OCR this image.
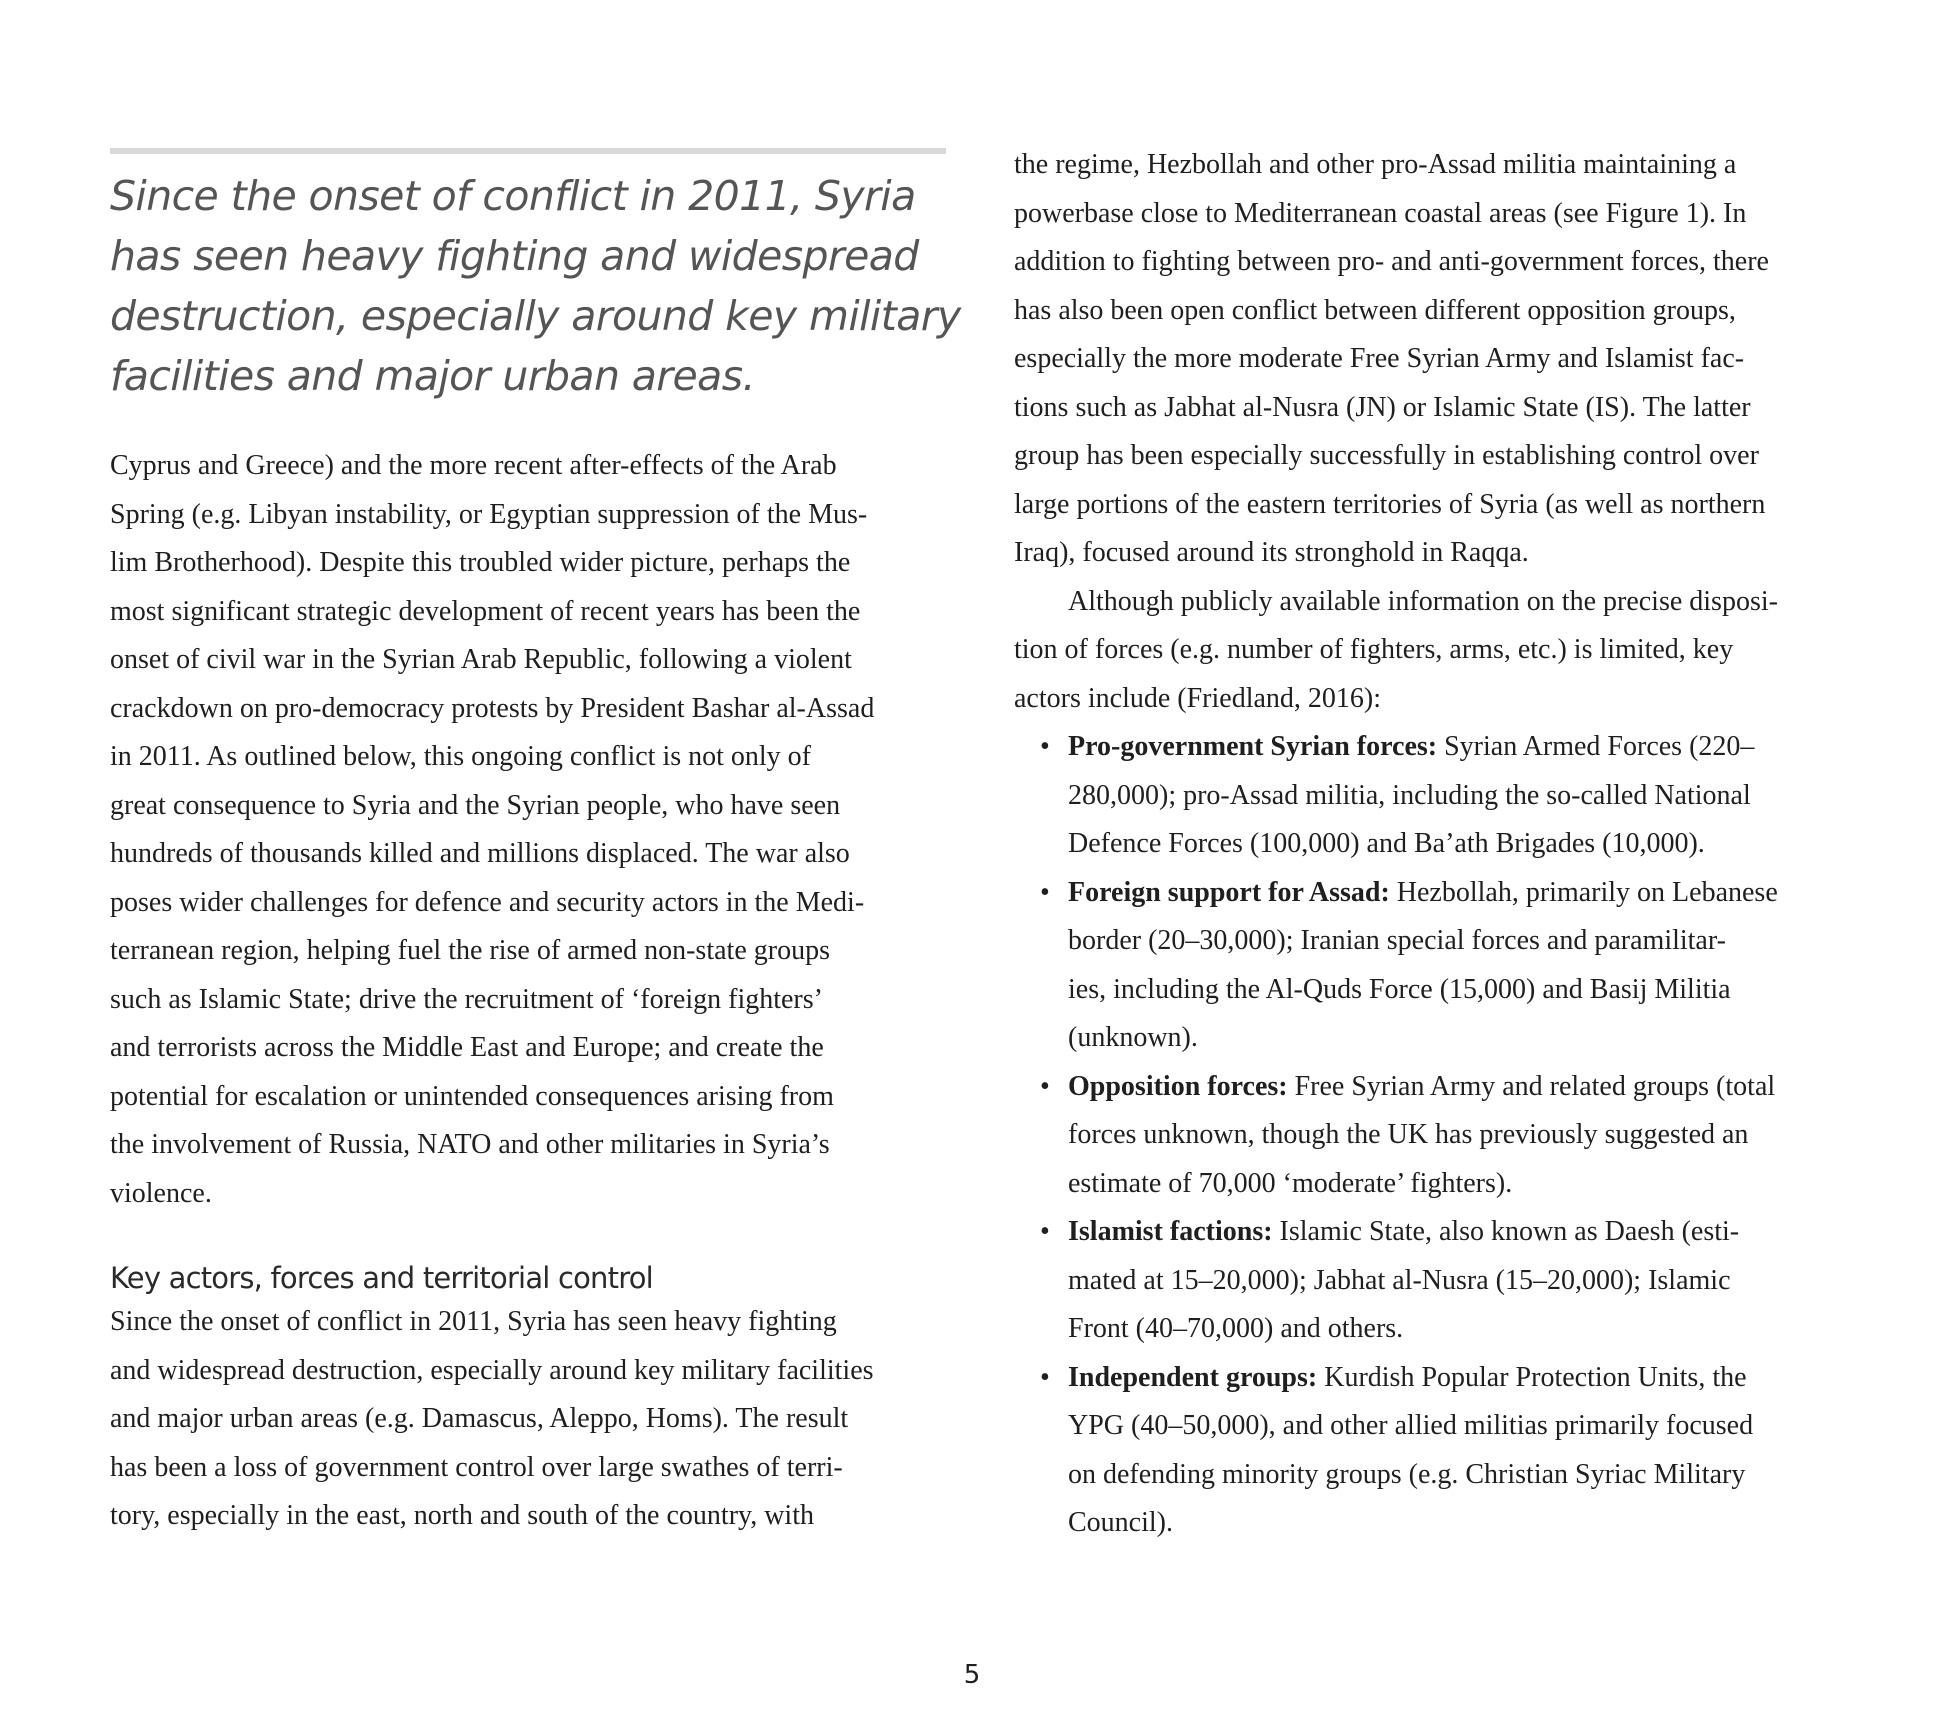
Since the onset of conflict in 2011, Syria
has seen heavy fighting and widespread
destruction, especially around key military
facilities and major urban areas.
Cyprus and Greece) and the more recent after-effects of the Arab
Spring (e.g. Libyan instability, or Egyptian suppression of the Mus-
lim Brotherhood). Despite this troubled wider picture, perhaps the
most significant strategic development of recent years has been the
onset of civil war in the Syrian Arab Republic, following a violent
crackdown on pro-democracy protests by President Bashar al-Assad
in 2011. As outlined below, this ongoing conflict is not only of
great consequence to Syria and the Syrian people, who have seen
hundreds of thousands killed and millions displaced. The war also
poses wider challenges for defence and security actors in the Medi-
terranean region, helping fuel the rise of armed non-state groups
such as Islamic State; drive the recruitment of ‘foreign fighters’
and terrorists across the Middle East and Europe; and create the
potential for escalation or unintended consequences arising from
the involvement of Russia, NATO and other militaries in Syria’s
violence.
Key actors, forces and territorial control
Since the onset of conflict in 2011, Syria has seen heavy fighting
and widespread destruction, especially around key military facilities
and major urban areas (e.g. Damascus, Aleppo, Homs). The result
has been a loss of government control over large swathes of terri-
tory, especially in the east, north and south of the country, with
the regime, Hezbollah and other pro-Assad militia maintaining a
powerbase close to Mediterranean coastal areas (see Figure 1). In
addition to fighting between pro- and anti-government forces, there
has also been open conflict between different opposition groups,
especially the more moderate Free Syrian Army and Islamist fac-
tions such as Jabhat al-Nusra (JN) or Islamic State (IS). The latter
group has been especially successfully in establishing control over
large portions of the eastern territories of Syria (as well as northern
Iraq), focused around its stronghold in Raqqa.
Although publicly available information on the precise disposi-
tion of forces (e.g. number of fighters, arms, etc.) is limited, key
actors include (Friedland, 2016):
• Pro-government Syrian forces: Syrian Armed Forces (220–
280,000); pro-Assad militia, including the so-called National
Defence Forces (100,000) and Ba’ath Brigades (10,000).
• Foreign support for Assad: Hezbollah, primarily on Lebanese
border (20–30,000); Iranian special forces and paramilitar-
ies, including the Al-Quds Force (15,000) and Basij Militia
(unknown).
• Opposition forces: Free Syrian Army and related groups (total
forces unknown, though the UK has previously suggested an
estimate of 70,000 ‘moderate’ fighters).
• Islamist factions: Islamic State, also known as Daesh (esti-
mated at 15–20,000); Jabhat al-Nusra (15–20,000); Islamic
Front (40–70,000) and others.
• Independent groups: Kurdish Popular Protection Units, the
YPG (40–50,000), and other allied militias primarily focused
on defending minority groups (e.g. Christian Syriac Military
Council).
5
